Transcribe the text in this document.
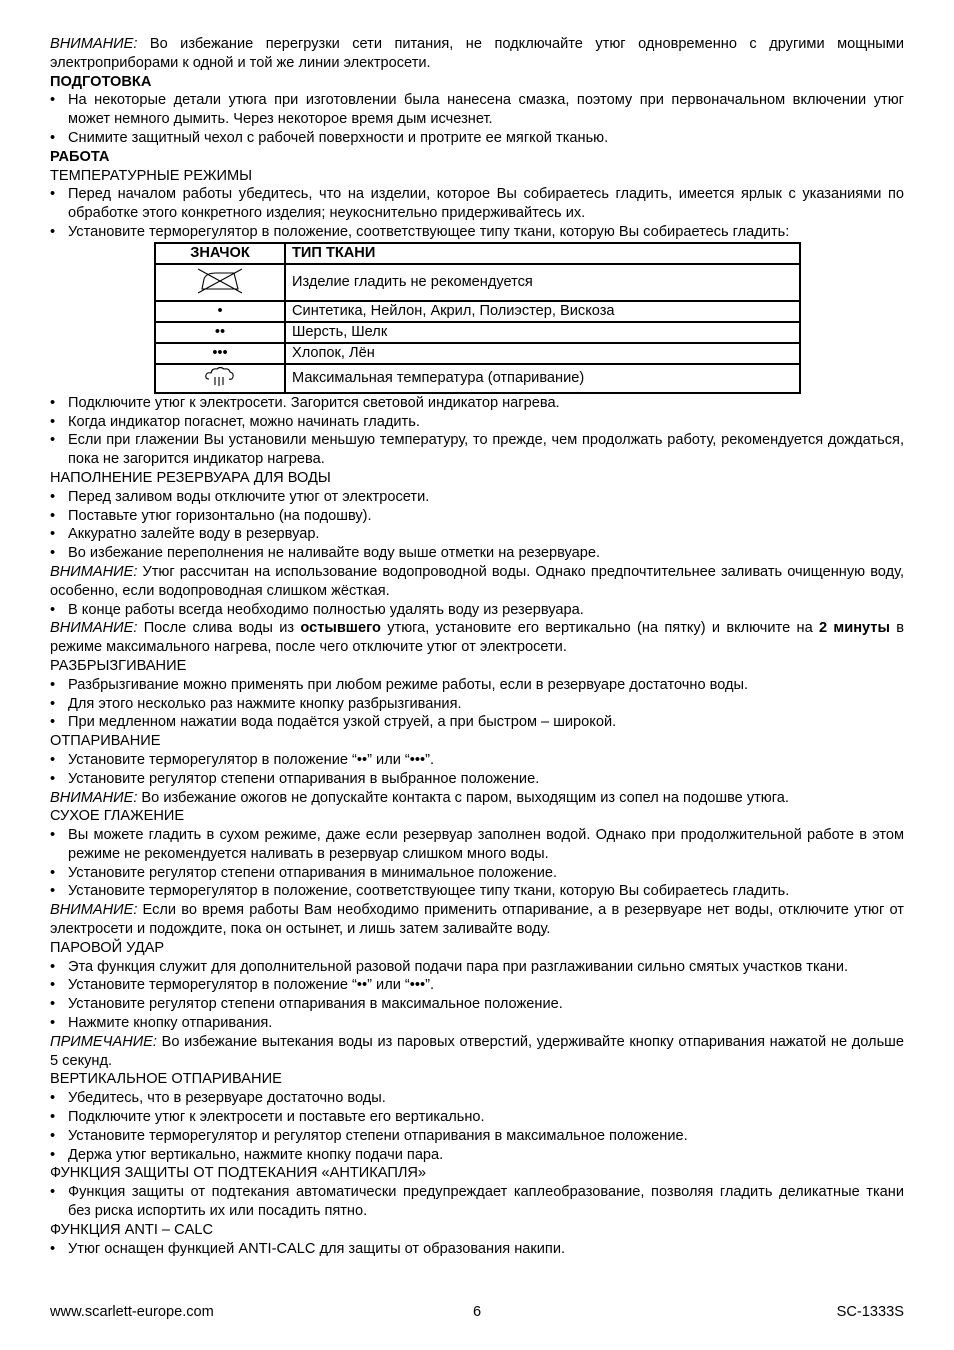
ВНИМАНИЕ: Во избежание перегрузки сети питания, не подключайте утюг одновременно с другими мощными электроприборами к одной и той же линии электросети.

ПОДГОТОВКА

• На некоторые детали утюга при изготовлении была нанесена смазка, поэтому при первоначальном включении утюг может немного дымить. Через некоторое время дым исчезнет.
• Снимите защитный чехол с рабочей поверхности и протрите ее мягкой тканью.

РАБОТА

ТЕМПЕРАТУРНЫЕ РЕЖИМЫ

• Перед началом работы убедитесь, что на изделии, которое Вы собираетесь гладить, имеется ярлык с указаниями по обработке этого конкретного изделия; неукоснительно придерживайтесь их.
• Установите терморегулятор в положение, соответствующее типу ткани, которую Вы собираетесь гладить:
ЗНАЧОК	ТИП ТКАНИ
	Изделие гладить не рекомендуется
•	Синтетика, Нейлон, Акрил, Полиэстер, Вискоза
••	Шерсть, Шелк
•••	Хлопок, Лён
	Максимальная температура (отпаривание)
• Подключите утюг к электросети. Загорится световой индикатор нагрева.
• Когда индикатор погаснет, можно начинать гладить.
• Если при глажении Вы установили меньшую температуру, то прежде, чем продолжать работу, рекомендуется дождаться, пока не загорится индикатор нагрева.

НАПОЛНЕНИЕ РЕЗЕРВУАРА ДЛЯ ВОДЫ

• Перед заливом воды отключите утюг от электросети.
• Поставьте утюг горизонтально (на подошву).
• Аккуратно залейте воду в резервуар.
• Во избежание переполнения не наливайте воду выше отметки на резервуаре.

ВНИМАНИЕ: Утюг рассчитан на использование водопроводной воды. Однако предпочтительнее заливать очищенную воду, особенно, если водопроводная слишком жёсткая.

• В конце работы всегда необходимо полностью удалять воду из резервуара.

ВНИМАНИЕ: После слива воды из остывшего утюга, установите его вертикально (на пятку) и включите на 2 минуты в режиме максимального нагрева, после чего отключите утюг от электросети.

РАЗБРЫЗГИВАНИЕ

• Разбрызгивание можно применять при любом режиме работы, если в резервуаре достаточно воды.
• Для этого несколько раз нажмите кнопку разбрызгивания.
• При медленном нажатии вода подаётся узкой струей, а при быстром – широкой.

ОТПАРИВАНИЕ

• Установите терморегулятор в положение “••” или “•••”.
• Установите регулятор степени отпаривания в выбранное положение.

ВНИМАНИЕ: Во избежание ожогов не допускайте контакта с паром, выходящим из сопел на подошве утюга.

СУХОЕ ГЛАЖЕНИЕ

• Вы можете гладить в сухом режиме, даже если резервуар заполнен водой. Однако при продолжительной работе в этом режиме не рекомендуется наливать в резервуар слишком много воды.
• Установите регулятор степени отпаривания в минимальное положение.
• Установите терморегулятор в положение, соответствующее типу ткани, которую Вы собираетесь гладить.

ВНИМАНИЕ: Если во время работы Вам необходимо применить отпаривание, а в резервуаре нет воды, отключите утюг от электросети и подождите, пока он остынет, и лишь затем заливайте воду.

ПАРОВОЙ УДАР

• Эта функция служит для дополнительной разовой подачи пара при разглаживании сильно смятых участков ткани.
• Установите терморегулятор в положение “••” или “•••”.
• Установите регулятор степени отпаривания в максимальное положение.
• Нажмите кнопку отпаривания.

ПРИМЕЧАНИЕ: Во избежание вытекания воды из паровых отверстий, удерживайте кнопку отпаривания нажатой не дольше 5 секунд.

ВЕРТИКАЛЬНОЕ ОТПАРИВАНИЕ

• Убедитесь, что в резервуаре достаточно воды.
• Подключите утюг к электросети и поставьте его вертикально.
• Установите терморегулятор и регулятор степени отпаривания в максимальное положение.
• Держа утюг вертикально, нажмите кнопку подачи пара.

ФУНКЦИЯ ЗАЩИТЫ ОТ ПОДТЕКАНИЯ «АНТИКАПЛЯ»

• Функция защиты от подтекания автоматически предупреждает каплеобразование, позволяя гладить деликатные ткани без риска испортить их или посадить пятно.

ФУНКЦИЯ ANTI – CALC

• Утюг оснащен функцией ANTI-CALC для защиты от образования накипи.
www.scarlett-europe.com	6	SC-1333S
